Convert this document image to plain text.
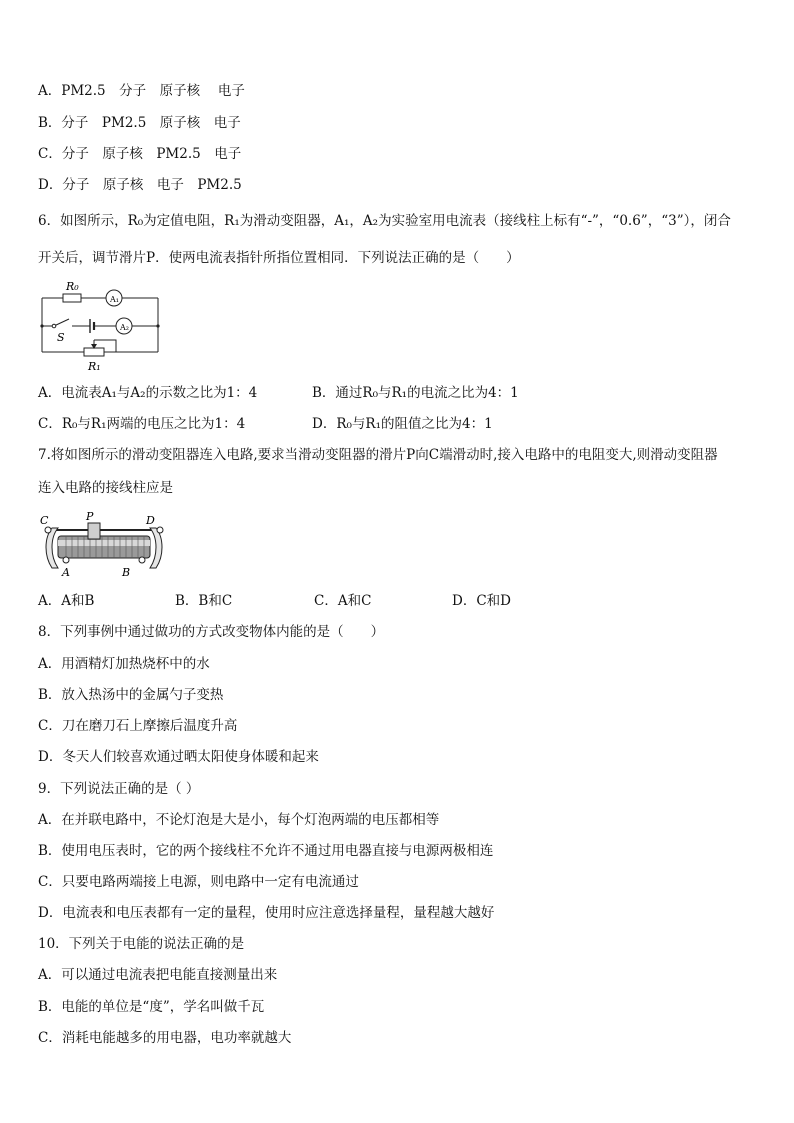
A．PM2.5　分子　原子核　 电子
B．分子　PM2.5　原子核　电子
C．分子　原子核　PM2.5　电子
D．分子　原子核　电子　PM2.5
6．如图所示，R₀为定值电阻，R₁为滑动变阻器，A₁，A₂为实验室用电流表（接线柱上标有“-”，“0.6”，“3”），闭合
开关后，调节滑片P．使两电流表指针所指位置相同．下列说法正确的是（　　）
R₀
A₁
A₂
S
R₁
A．电流表A₁与A₂的示数之比为1：4	B．通过R₀与R₁的电流之比为4：1
C．R₀与R₁两端的电压之比为1：4	D．R₀与R₁的阻值之比为4：1
7.将如图所示的滑动变阻器连入电路,要求当滑动变阻器的滑片P向C端滑动时,接入电路中的电阻变大,则滑动变阻器
连入电路的接线柱应是
C	P	D
A	B
A．A和B	B．B和C	C．A和C	D．C和D
8．下列事例中通过做功的方式改变物体内能的是（　　）
A．用酒精灯加热烧杯中的水
B．放入热汤中的金属勺子变热
C．刀在磨刀石上摩擦后温度升高
D．冬天人们较喜欢通过晒太阳使身体暖和起来
9．下列说法正确的是（ ）
A．在并联电路中，不论灯泡是大是小，每个灯泡两端的电压都相等
B．使用电压表时，它的两个接线柱不允许不通过用电器直接与电源两极相连
C．只要电路两端接上电源，则电路中一定有电流通过
D．电流表和电压表都有一定的量程，使用时应注意选择量程，量程越大越好
10．下列关于电能的说法正确的是
A．可以通过电流表把电能直接测量出来
B．电能的单位是“度”，学名叫做千瓦
C．消耗电能越多的用电器，电功率就越大
